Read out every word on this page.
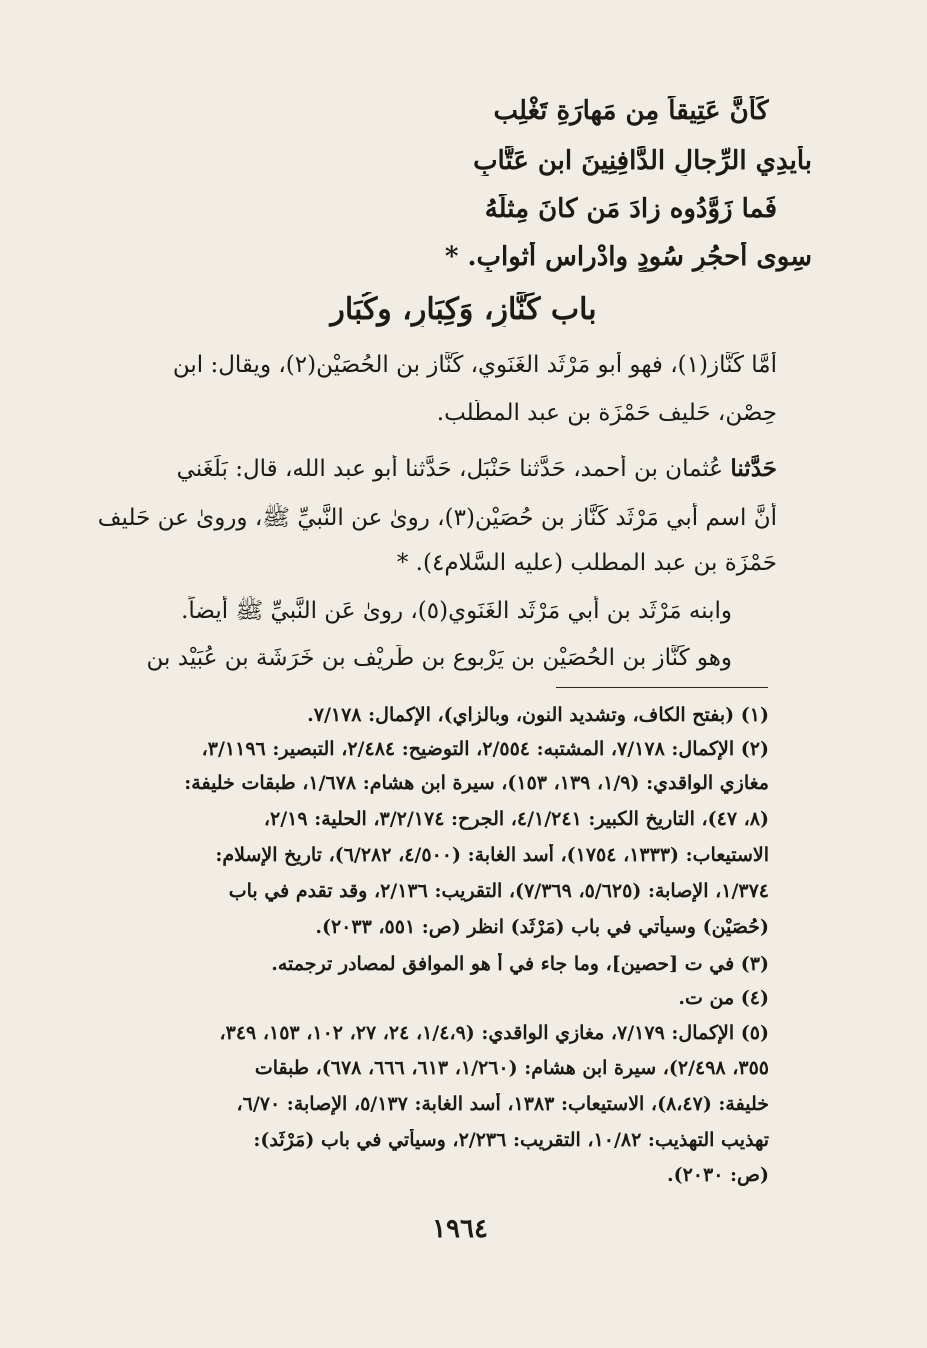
كَأَنَّ عَتِيقاً مِن مَهارَةِ تَغْلِب
بأَيدِي الرِّجالِ الدَّافِنِينَ ابنِ عَتَّابِ
فَما زَوَّدُوه زادَ مَن كانَ مِثلَهُ
سِوى أَحجُرٍ سُودٍ وادْراسِ أَثوابِ. *
باب كَنَّازٍ، وَكِبَارٍ، وكُبَار
أَمَّا كَنَّاز(١)، فهو أبو مَرْثَد الغَنَوي، كَنَّاز بن الحُصَيْن(٢)، ويقال: ابن
حِصْن، حَليف حَمْزَة بن عبد المطَّلب.
حَدَّثنا عُثمان بن أحمد، حَدَّثنا حَنْبَل، حَدَّثنا أبو عبد الله، قال: بَلَغَني
أنَّ اسم أبي مَرْثَد كَنَّاز بن حُصَيْن(٣)، روىٰ عن النَّبيِّ ﷺ، وروىٰ عن حَليف
حَمْزَة بن عبد المطلب (عليه السَّلام٤). *
وابنه مَرْثَد بن أبي مَرْثَد الغَنَوي(٥)، روىٰ عَن النَّبيِّ ﷺ أيضاً.
وهو كَنَّاز بن الحُصَيْن بن يَرْبوع بن طَريْف بن خَرَشَة بن عُبَيْد بن
(١) (بفتح الكاف، وتشديد النون، وبالزاي)، الإكمال: ٧/١٧٨.
(٢) الإكمال: ٧/١٧٨، المشتبه: ٢/٥٥٤، التوضيح: ٢/٤٨٤، التبصير: ٣/١١٩٦،
مغازي الواقدي: (١/٩، ١٣٩، ١٥٣)، سيرة ابن هشام: ١/٦٧٨، طبقات خليفة:
(٨، ٤٧)، التاريخ الكبير: ٤/١/٢٤١، الجرح: ٣/٢/١٧٤، الحلية: ٢/١٩،
الاستيعاب: (١٣٣٣، ١٧٥٤)، أسد الغابة: (٤/٥٠٠، ٦/٢٨٢)، تاريخ الإسلام:
١/٣٧٤، الإصابة: (٥/٦٢٥، ٧/٣٦٩)، التقريب: ٢/١٣٦، وقد تقدم في باب
(حُصَيْن) وسيأتي في باب (مَرْثَد) انظر (ص: ٥٥١، ٢٠٣٣).
(٣) في ت [حصين]، وما جاء في أ هو الموافق لمصادر ترجمته.
(٤) من ت.
(٥) الإكمال: ٧/١٧٩، مغازي الواقدي: (١/٤،٩، ٢٤، ٢٧، ١٠٢، ١٥٣، ٣٤٩،
٣٥٥، ٢/٤٩٨)، سيرة ابن هشام: (١/٢٦٠، ٦١٣، ٦٦٦، ٦٧٨)، طبقات
خليفة: (٨،٤٧)، الاستيعاب: ١٣٨٣، أسد الغابة: ٥/١٣٧، الإصابة: ٦/٧٠،
تهذيب التهذيب: ١٠/٨٢، التقريب: ٢/٢٣٦، وسيأتي في باب (مَرْثَد):
(ص: ٢٠٣٠).
١٩٦٤
